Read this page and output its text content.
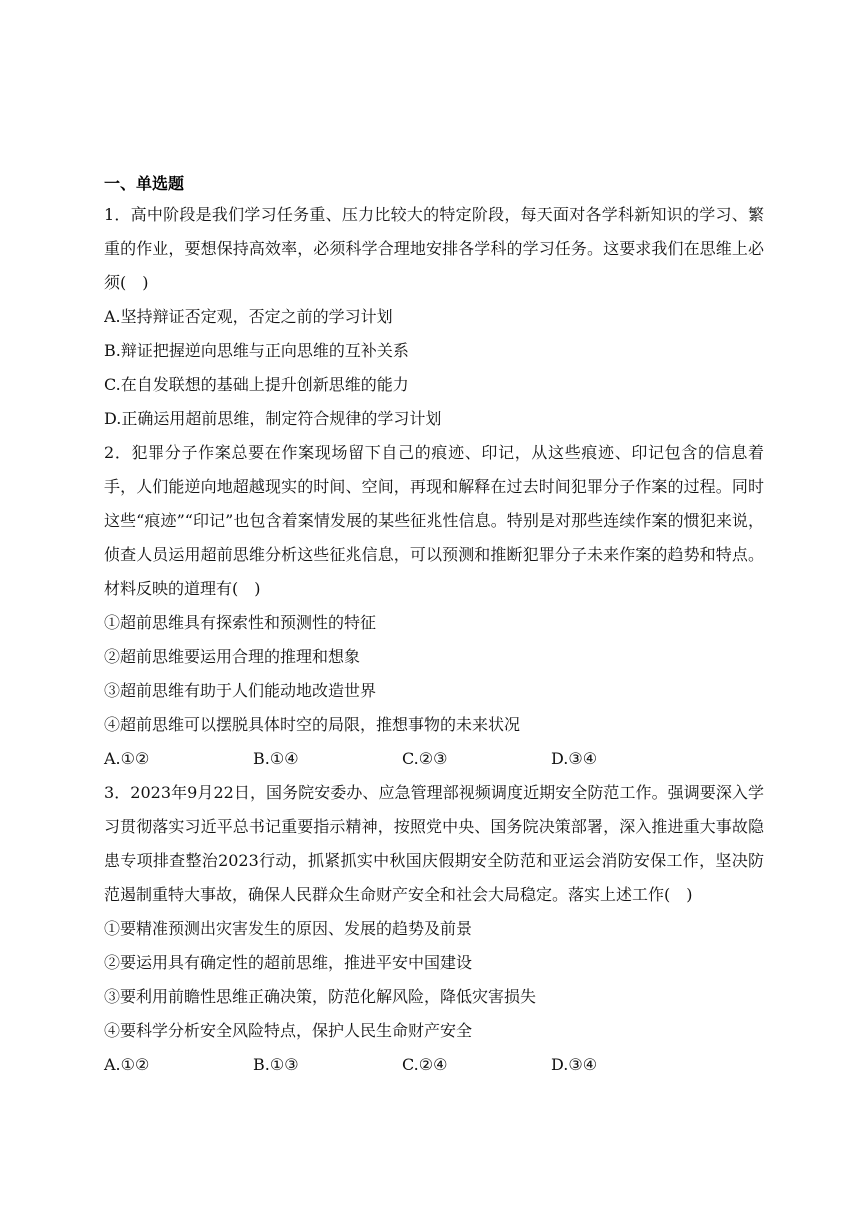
一、单选题

1．高中阶段是我们学习任务重、压力比较大的特定阶段，每天面对各学科新知识的学习、繁重的作业，要想保持高效率，必须科学合理地安排各学科的学习任务。这要求我们在思维上必须(　)

A.坚持辩证否定观，否定之前的学习计划
B.辩证把握逆向思维与正向思维的互补关系
C.在自发联想的基础上提升创新思维的能力
D.正确运用超前思维，制定符合规律的学习计划

2．犯罪分子作案总要在作案现场留下自己的痕迹、印记，从这些痕迹、印记包含的信息着手，人们能逆向地超越现实的时间、空间，再现和解释在过去时间犯罪分子作案的过程。同时这些“痕迹”“印记”也包含着案情发展的某些征兆性信息。特别是对那些连续作案的惯犯来说，侦查人员运用超前思维分析这些征兆信息，可以预测和推断犯罪分子未来作案的趋势和特点。材料反映的道理有(　)

①超前思维具有探索性和预测性的特征
②超前思维要运用合理的推理和想象
③超前思维有助于人们能动地改造世界
④超前思维可以摆脱具体时空的局限，推想事物的未来状况
A.①②	B.①④	C.②③	D.③④

3．2023年9月22日，国务院安委办、应急管理部视频调度近期安全防范工作。强调要深入学习贯彻落实习近平总书记重要指示精神，按照党中央、国务院决策部署，深入推进重大事故隐患专项排查整治2023行动，抓紧抓实中秋国庆假期安全防范和亚运会消防安保工作，坚决防范遏制重特大事故，确保人民群众生命财产安全和社会大局稳定。落实上述工作(　)

①要精准预测出灾害发生的原因、发展的趋势及前景
②要运用具有确定性的超前思维，推进平安中国建设
③要利用前瞻性思维正确决策，防范化解风险，降低灾害损失
④要科学分析安全风险特点，保护人民生命财产安全
A.①②	B.①③	C.②④	D.③④
